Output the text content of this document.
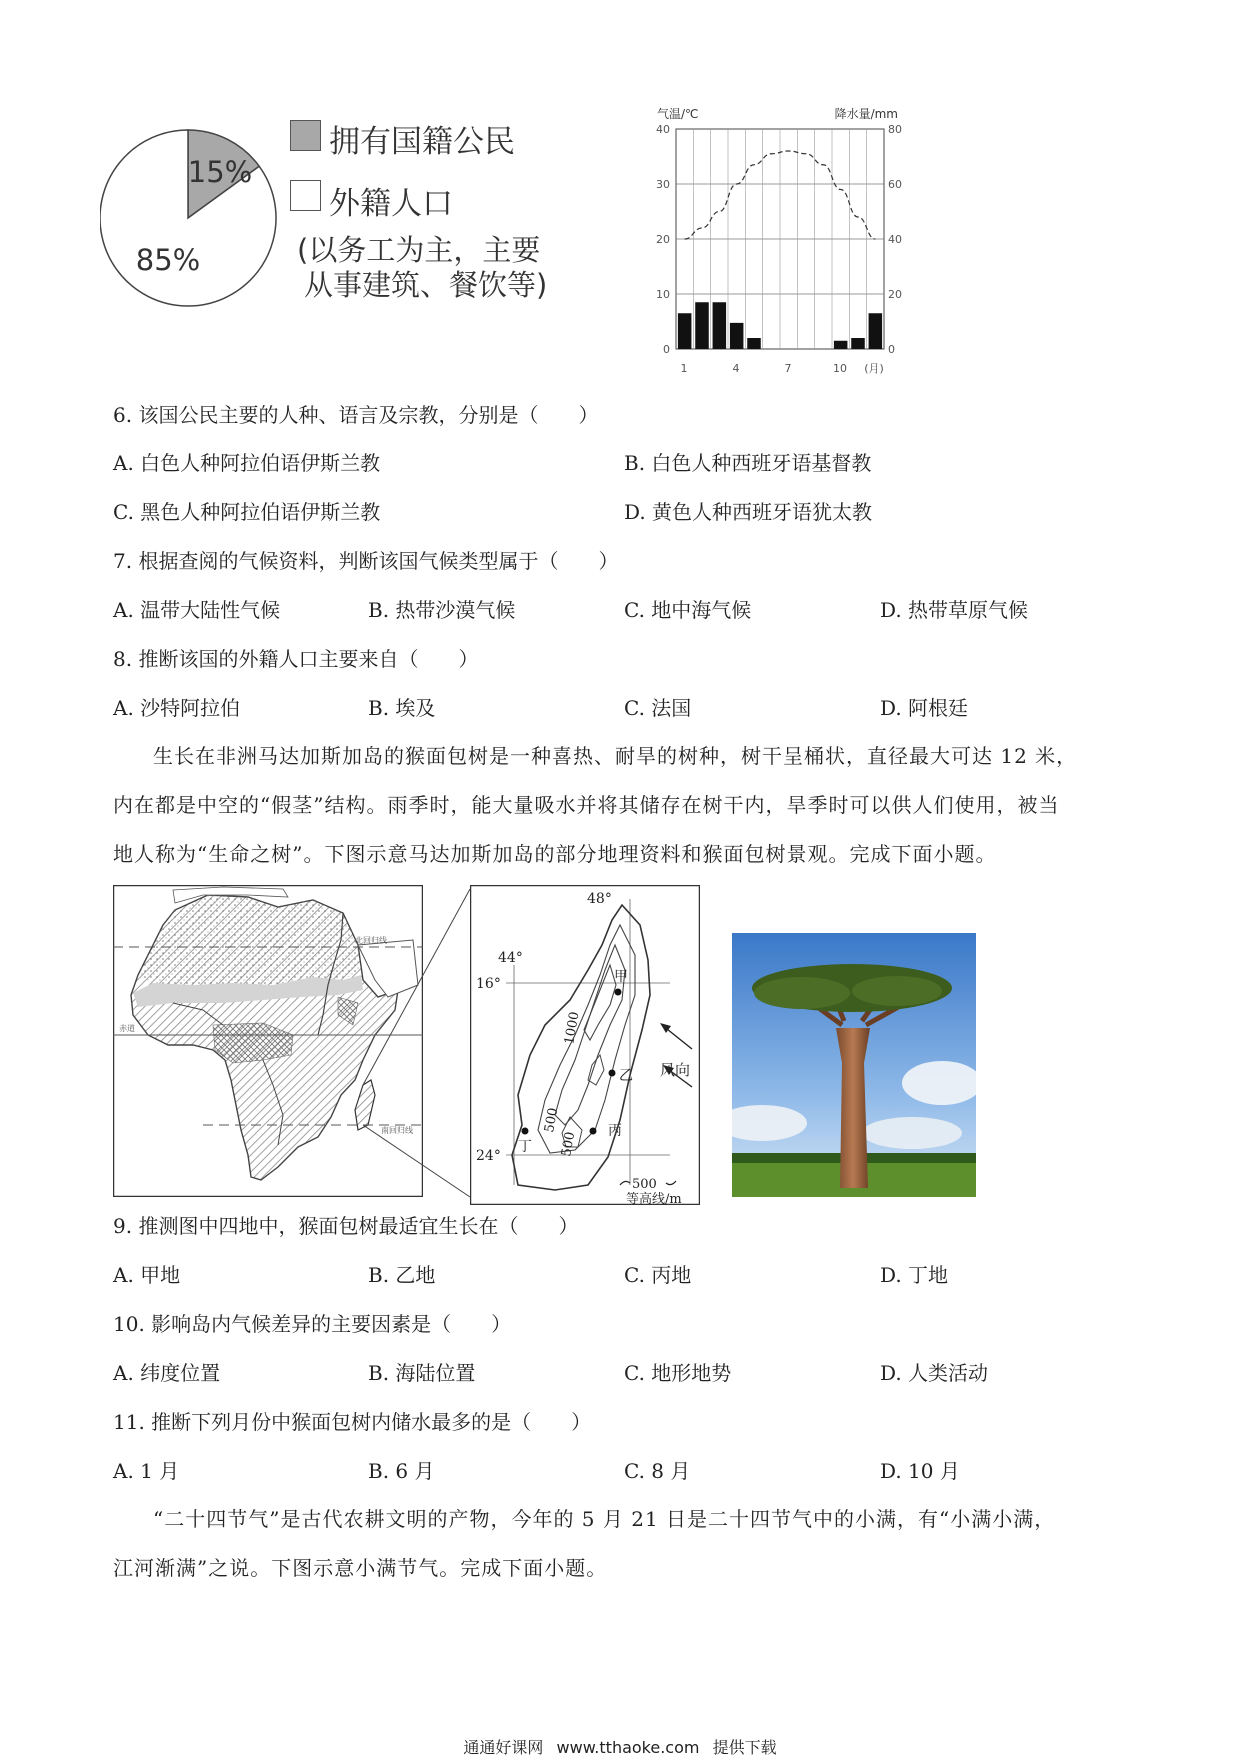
15%
85%
拥有国籍公民
外籍人口
(以务工为主，主要
从事建筑、餐饮等)
气温/℃	降水量/mm
40
30
20
10
0
80
60
40
20
0
1	4	7	10 (月)
6. 该国公民主要的人种、语言及宗教，分别是（　　）
A. 白色人种阿拉伯语伊斯兰教	B. 白色人种西班牙语基督教
C. 黑色人种阿拉伯语伊斯兰教	D. 黄色人种西班牙语犹太教
7. 根据查阅的气候资料，判断该国气候类型属于（　　）
A. 温带大陆性气候	B. 热带沙漠气候	C. 地中海气候	D. 热带草原气候
8. 推断该国的外籍人口主要来自（　　）
A. 沙特阿拉伯	B. 埃及	C. 法国	D. 阿根廷

生长在非洲马达加斯加岛的猴面包树是一种喜热、耐旱的树种，树干呈桶状，直径最大可达 12 米，

内在都是中空的“假茎”结构。雨季时，能大量吸水并将其储存在树干内，旱季时可以供人们使用，被当

地人称为“生命之树”。下图示意马达加斯加岛的部分地理资料和猴面包树景观。完成下面小题。

北回归线
赤道
南回归线
甲
乙
丙
丁
1000
500
500
48°
44°
16°
24°
风向
500
等高线/m
9. 推测图中四地中，猴面包树最适宜生长在（　　）
A. 甲地	B. 乙地	C. 丙地	D. 丁地
10. 影响岛内气候差异的主要因素是（　　）
A. 纬度位置	B. 海陆位置	C. 地形地势	D. 人类活动
11. 推断下列月份中猴面包树内储水最多的是（　　）
A. 1 月	B. 6 月	C. 8 月	D. 10 月

“二十四节气”是古代农耕文明的产物，今年的 5 月 21 日是二十四节气中的小满，有“小满小满，

江河渐满”之说。下图示意小满节气。完成下面小题。

通通好课网 www.tthaoke.com 提供下载
